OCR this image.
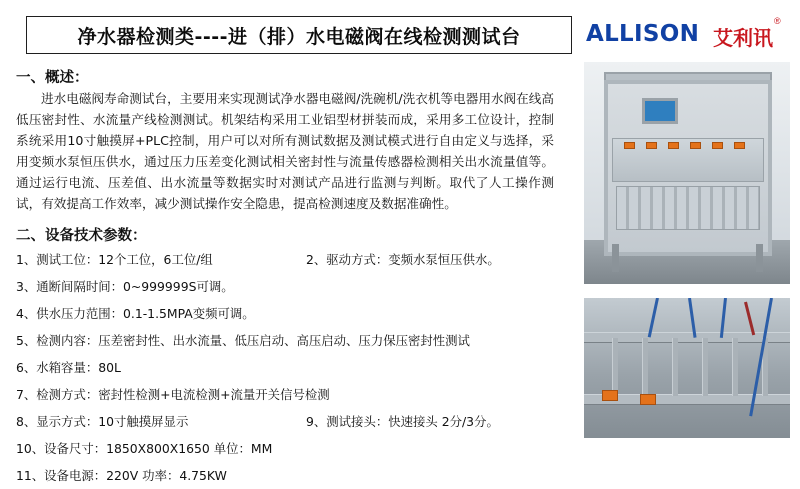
净水器检测类----进（排）水电磁阀在线检测测试台	ALLISON 艾利讯
®
一、概述：
进水电磁阀寿命测试台，主要用来实现测试净水器电磁阀/洗碗机/洗衣机等电器用水阀在线高低压密封性、水流量产线检测测试。机架结构采用工业铝型材拼装而成，采用多工位设计，控制系统采用10寸触摸屏+PLC控制，用户可以对所有测试数据及测试模式进行自由定义与选择，采用变频水泵恒压供水，通过压力压差变化测试相关密封性与流量传感器检测相关出水流量值等。通过运行电流、压差值、出水流量等数据实时对测试产品进行监测与判断。取代了人工操作测试，有效提高工作效率，减少测试操作安全隐患，提高检测速度及数据准确性。
二、设备技术参数：
1、测试工位：12个工位，6工位/组	2、驱动方式：变频水泵恒压供水。
3、通断间隔时间：0~999999S可调。
4、供水压力范围：0.1-1.5MPA变频可调。
5、检测内容：压差密封性、出水流量、低压启动、高压启动、压力保压密封性测试
6、水箱容量：80L
7、检测方式：密封性检测+电流检测+流量开关信号检测
8、显示方式：10寸触摸屏显示	9、测试接头：快速接头 2分/3分。
10、设备尺寸：1850X800X1650 单位：MM
11、设备电源：220V 功率：4.75KW
